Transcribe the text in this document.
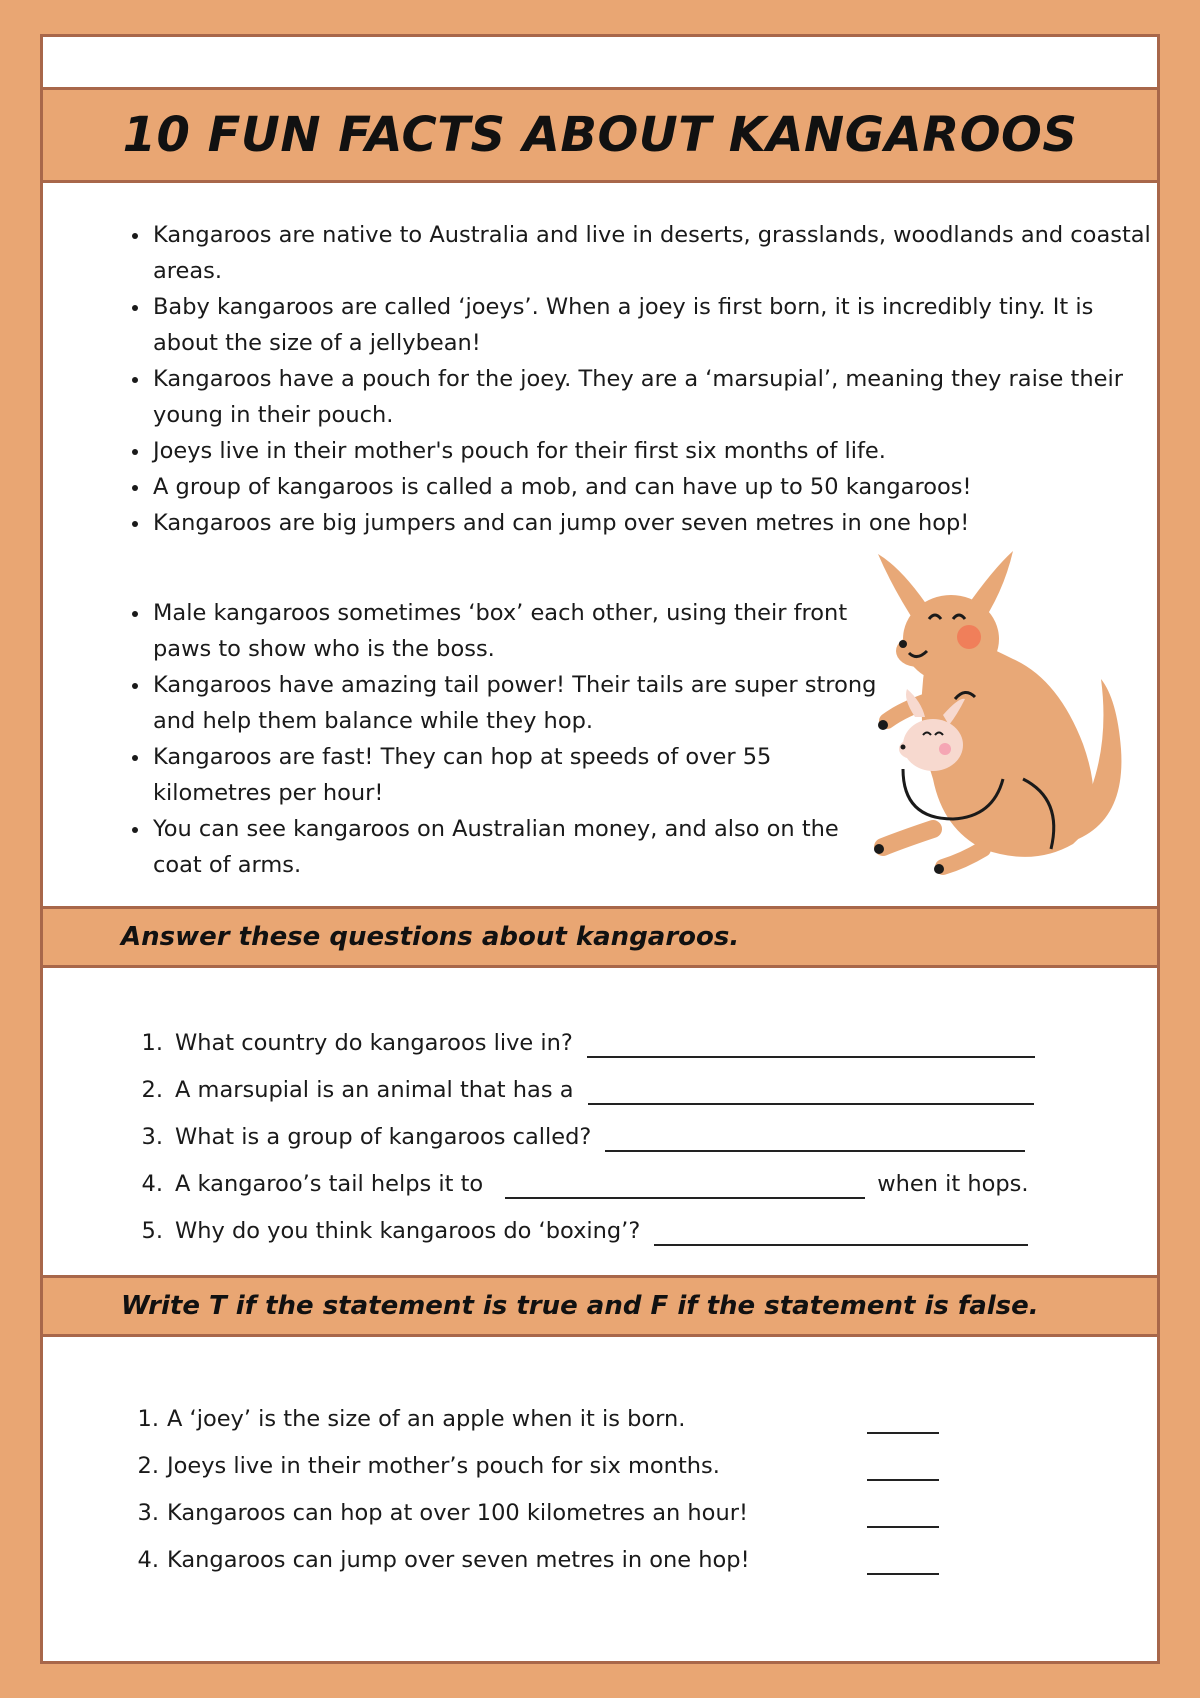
10 FUN FACTS ABOUT KANGAROOS
• Kangaroos are native to Australia and live in deserts, grasslands, woodlands and coastal areas.
• Baby kangaroos are called ‘joeys’. When a joey is first born, it is incredibly tiny. It is about the size of a jellybean!
• Kangaroos have a pouch for the joey. They are a ‘marsupial’, meaning they raise their young in their pouch.
• Joeys live in their mother's pouch for their first six months of life.
• A group of kangaroos is called a mob, and can have up to 50 kangaroos!
• Kangaroos are big jumpers and can jump over seven metres in one hop!
• Male kangaroos sometimes ‘box’ each other, using their front paws to show who is the boss.
• Kangaroos have amazing tail power! Their tails are super strong and help them balance while they hop.
• Kangaroos are fast! They can hop at speeds of over 55 kilometres per hour!
• You can see kangaroos on Australian money, and also on the coat of arms.
Answer these questions about kangaroos.
1. What country do kangaroos live in?
2. A marsupial is an animal that has a
3. What is a group of kangaroos called?
4. A kangaroo’s tail helps it to	when it hops.
5. Why do you think kangaroos do ‘boxing’?
Write T if the statement is true and F if the statement is false.
1. A ‘joey’ is the size of an apple when it is born.
2. Joeys live in their mother’s pouch for six months.
3. Kangaroos can hop at over 100 kilometres an hour!
4. Kangaroos can jump over seven metres in one hop!
